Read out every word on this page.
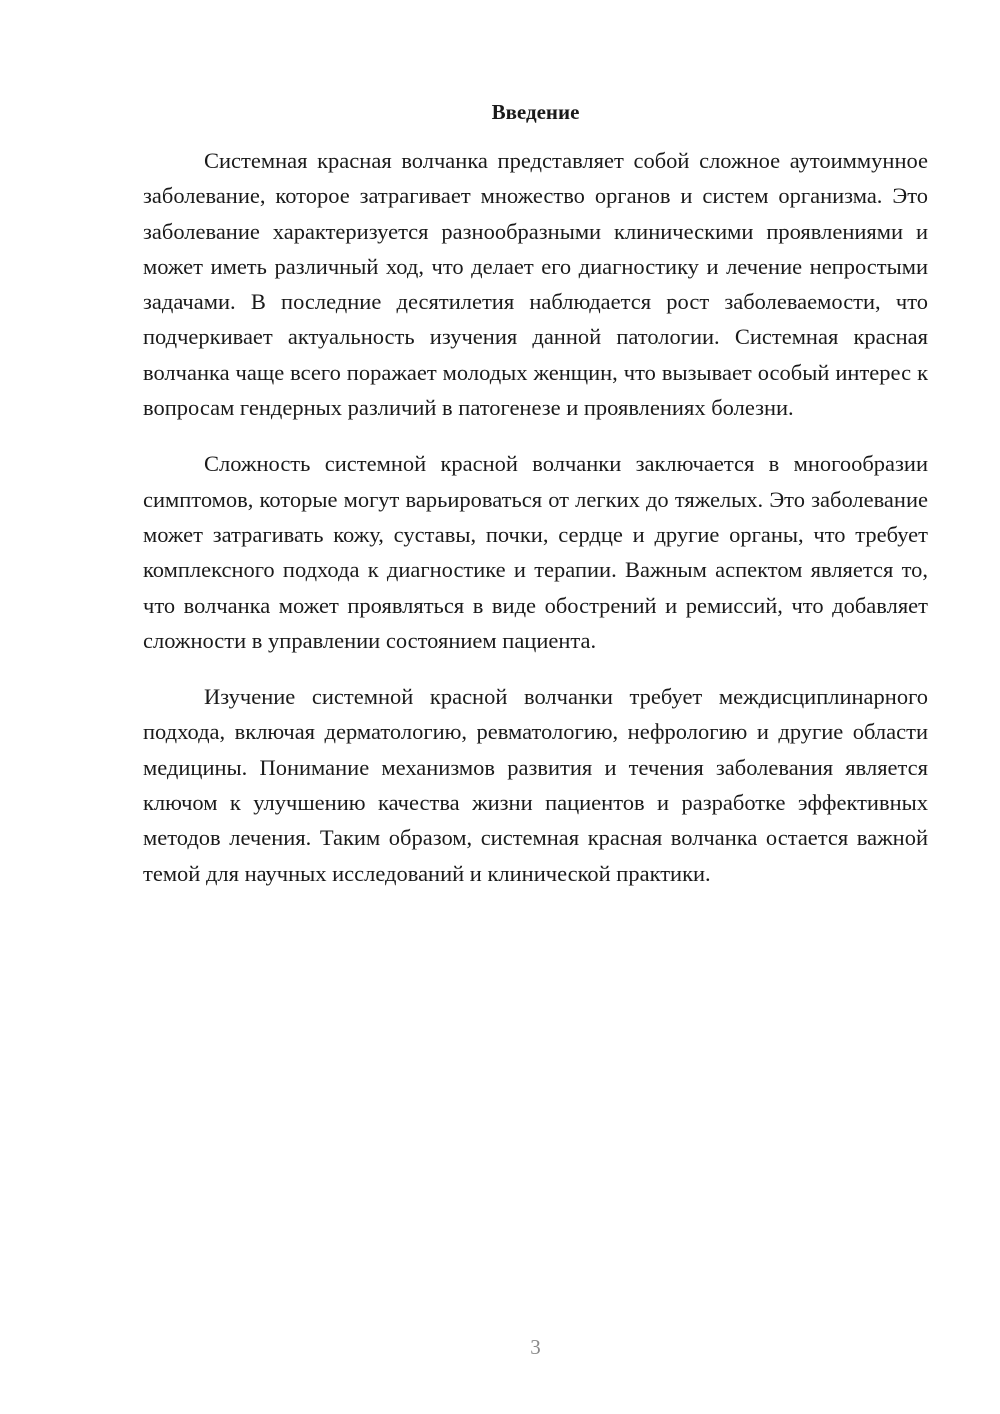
Введение

Системная красная волчанка представляет собой сложное аутоиммунное заболевание, которое затрагивает множество органов и систем организма. Это заболевание характеризуется разнообразными клиническими проявлениями и может иметь различный ход, что делает его диагностику и лечение непростыми задачами. В последние десятилетия наблюдается рост заболеваемости, что подчеркивает актуальность изучения данной патологии. Системная красная волчанка чаще всего поражает молодых женщин, что вызывает особый интерес к вопросам гендерных различий в патогенезе и проявлениях болезни.

Сложность системной красной волчанки заключается в многообразии симптомов, которые могут варьироваться от легких до тяжелых. Это заболевание может затрагивать кожу, суставы, почки, сердце и другие органы, что требует комплексного подхода к диагностике и терапии. Важным аспектом является то, что волчанка может проявляться в виде обострений и ремиссий, что добавляет сложности в управлении состоянием пациента.

Изучение системной красной волчанки требует междисциплинарного подхода, включая дерматологию, ревматологию, нефрологию и другие области медицины. Понимание механизмов развития и течения заболевания является ключом к улучшению качества жизни пациентов и разработке эффективных методов лечения. Таким образом, системная красная волчанка остается важной темой для научных исследований и клинической практики.

3
